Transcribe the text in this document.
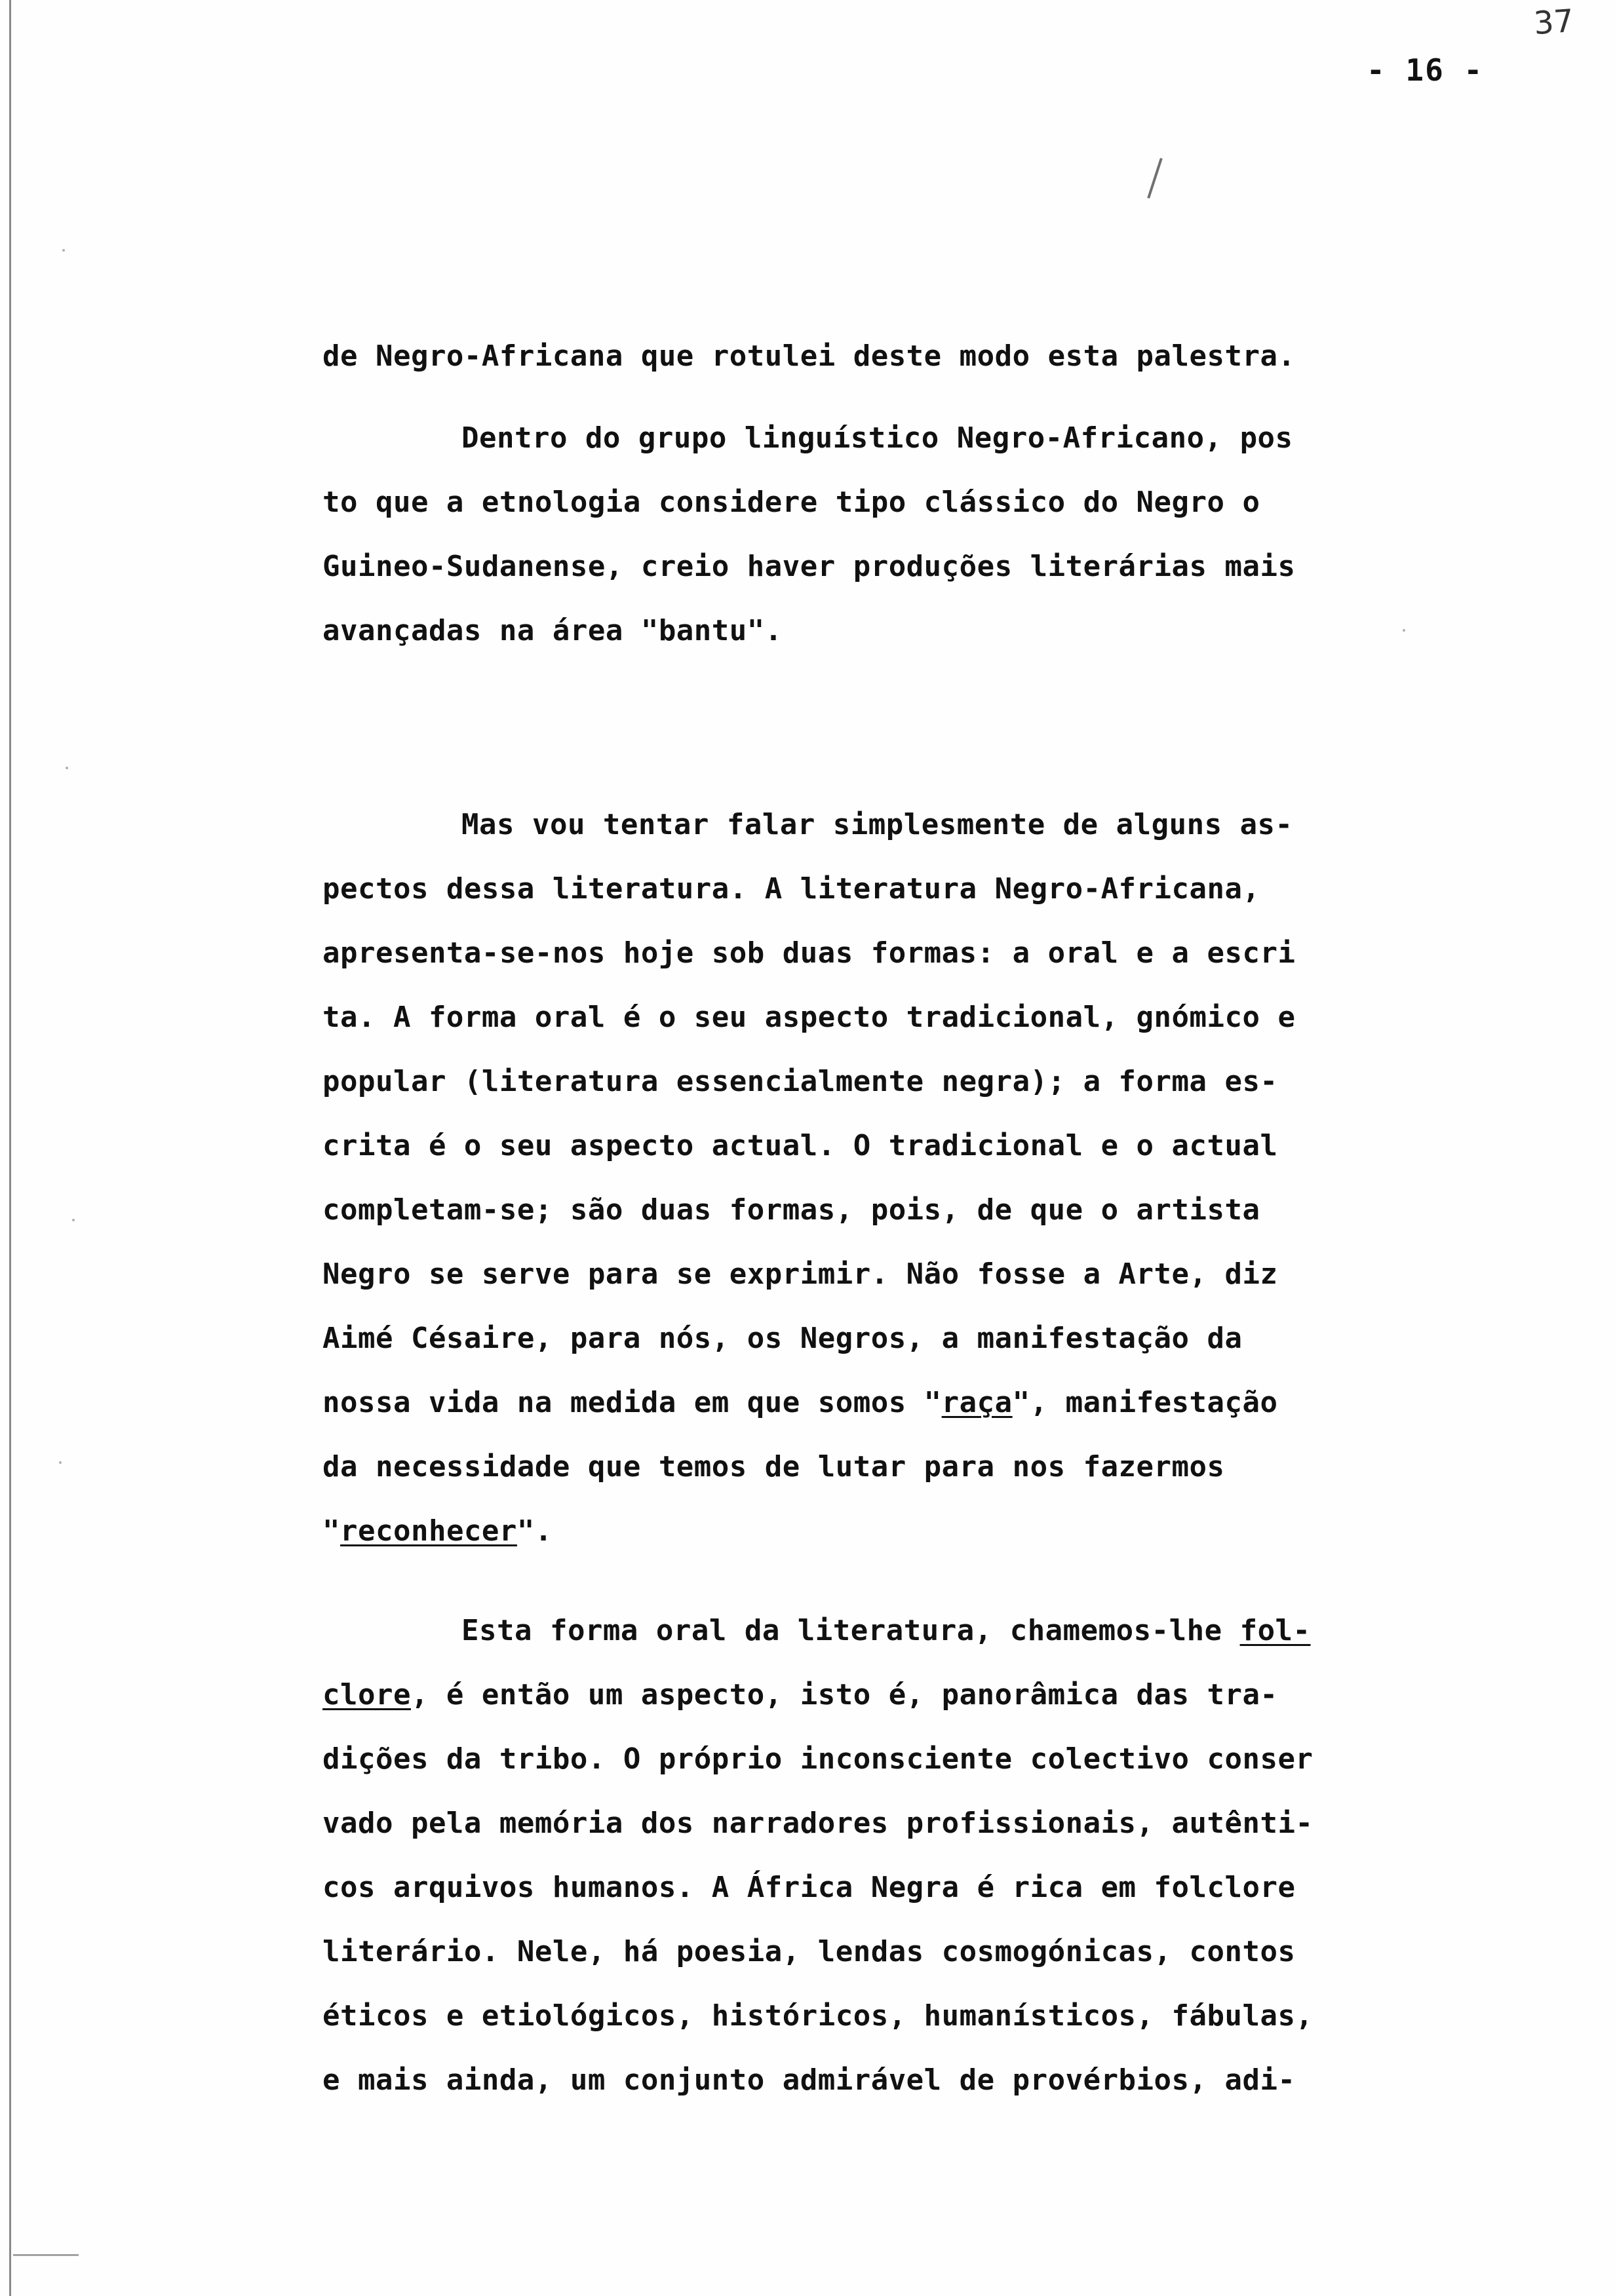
37
- 16 -
de Negro-Africana que rotulei deste modo esta palestra.
Dentro do grupo linguístico Negro-Africano, pos
to que a etnologia considere tipo clássico do Negro o
Guineo-Sudanense, creio haver produções literárias mais
avançadas na área "bantu".
Mas vou tentar falar simplesmente de alguns as-
pectos dessa literatura. A literatura Negro-Africana,
apresenta-se-nos hoje sob duas formas: a oral e a escri
ta. A forma oral é o seu aspecto tradicional, gnómico e
popular (literatura essencialmente negra); a forma es-
crita é o seu aspecto actual. O tradicional e o actual
completam-se; são duas formas, pois, de que o artista
Negro se serve para se exprimir. Não fosse a Arte, diz
Aimé Césaire, para nós, os Negros, a manifestação da
nossa vida na medida em que somos "raça", manifestação
da necessidade que temos de lutar para nos fazermos
"reconhecer".
Esta forma oral da literatura, chamemos-lhe fol-
clore, é então um aspecto, isto é, panorâmica das tra-
dições da tribo. O próprio inconsciente colectivo conser
vado pela memória dos narradores profissionais, autênti-
cos arquivos humanos. A África Negra é rica em folclore
literário. Nele, há poesia, lendas cosmogónicas, contos
éticos e etiológicos, históricos, humanísticos, fábulas,
e mais ainda, um conjunto admirável de provérbios, adi-
